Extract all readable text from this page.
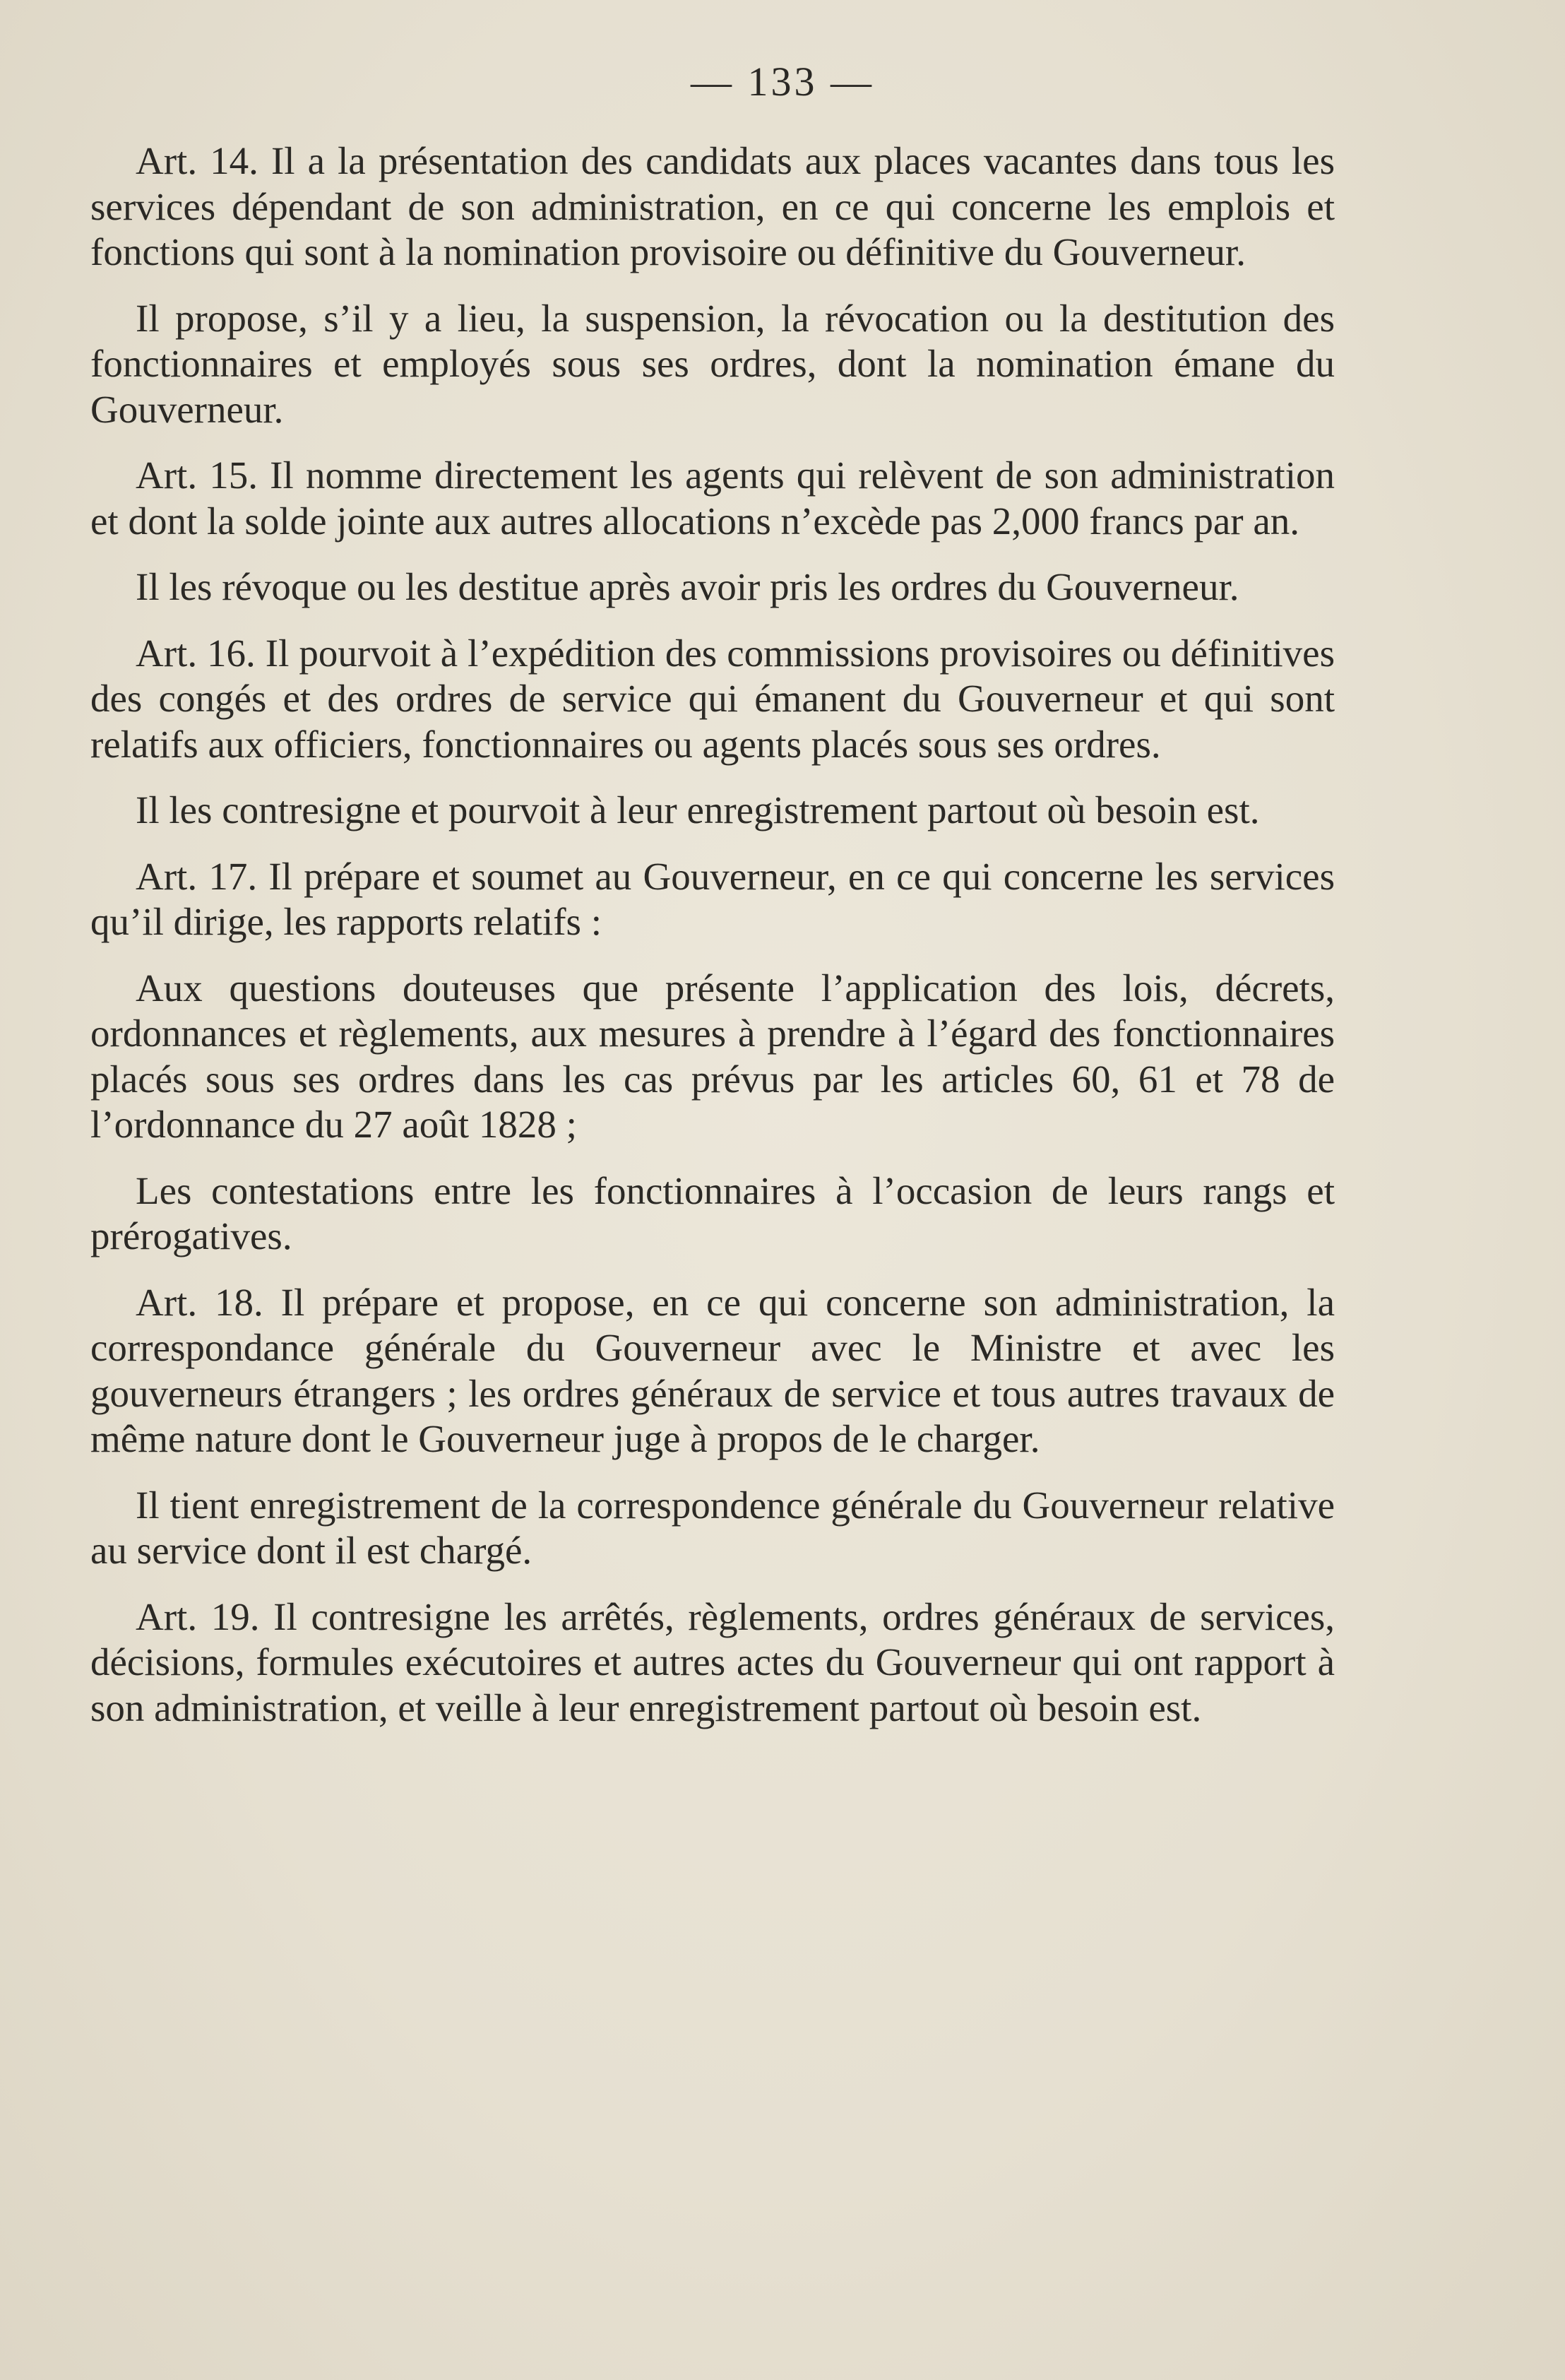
— 133 —

Art. 14. Il a la présentation des candidats aux places vacantes dans tous les services dépendant de son administration, en ce qui concerne les emplois et fonctions qui sont à la nomination provisoire ou définitive du Gouverneur.

Il propose, s’il y a lieu, la suspension, la révocation ou la destitution des fonctionnaires et employés sous ses ordres, dont la nomination émane du Gouverneur.

Art. 15. Il nomme directement les agents qui relèvent de son administration et dont la solde jointe aux autres allocations n’excède pas 2,000 francs par an.

Il les révoque ou les destitue après avoir pris les ordres du Gouverneur.

Art. 16. Il pourvoit à l’expédition des commissions provisoires ou définitives des congés et des ordres de service qui émanent du Gouverneur et qui sont relatifs aux officiers, fonctionnaires ou agents placés sous ses ordres.

Il les contresigne et pourvoit à leur enregistrement partout où besoin est.

Art. 17. Il prépare et soumet au Gouverneur, en ce qui concerne les services qu’il dirige, les rapports relatifs :

Aux questions douteuses que présente l’application des lois, décrets, ordonnances et règlements, aux mesures à prendre à l’égard des fonctionnaires placés sous ses ordres dans les cas prévus par les articles 60, 61 et 78 de l’ordonnance du 27 août 1828 ;

Les contestations entre les fonctionnaires à l’occasion de leurs rangs et prérogatives.

Art. 18. Il prépare et propose, en ce qui concerne son administration, la correspondance générale du Gouverneur avec le Ministre et avec les gouverneurs étrangers ; les ordres généraux de service et tous autres travaux de même nature dont le Gouverneur juge à propos de le charger.

Il tient enregistrement de la correspondence générale du Gouverneur relative au service dont il est chargé.

Art. 19. Il contresigne les arrêtés, règlements, ordres généraux de services, décisions, formules exécutoires et autres actes du Gouverneur qui ont rapport à son administration, et veille à leur enregistrement partout où besoin est.
